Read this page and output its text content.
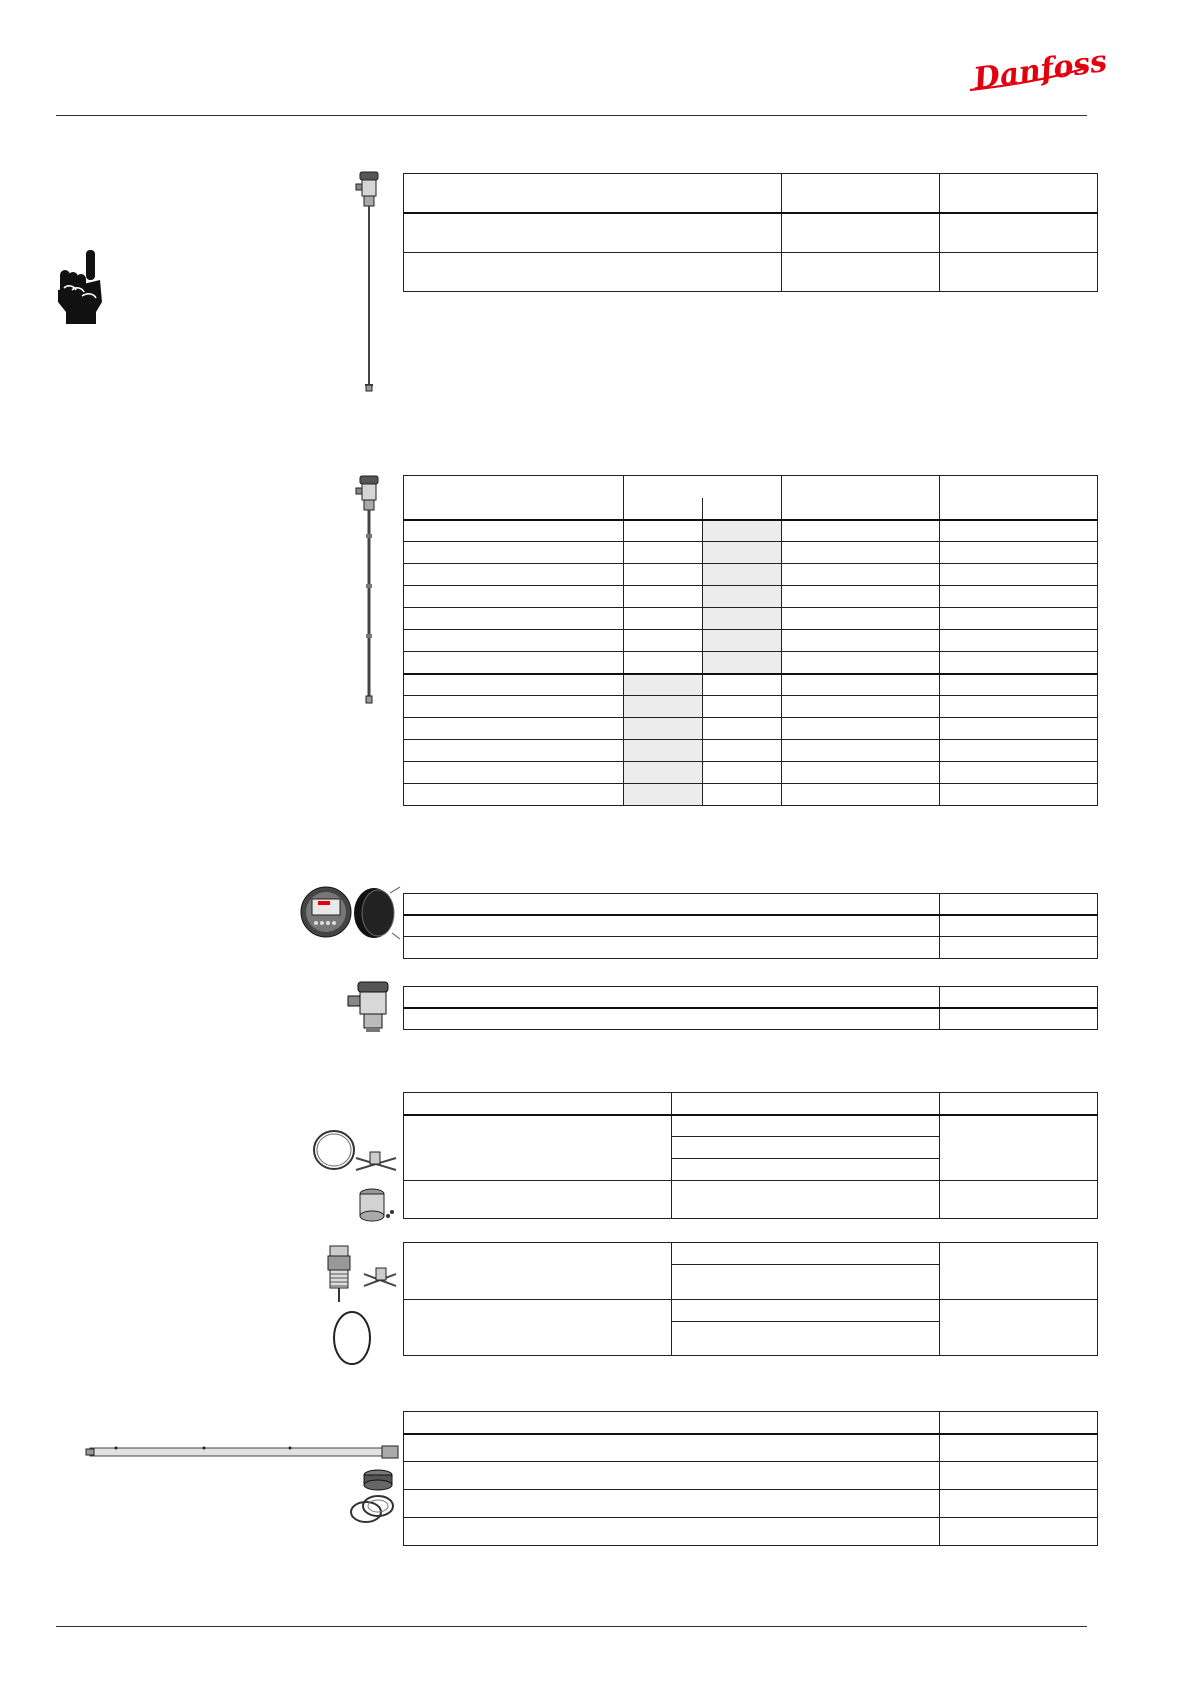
Danfoss
